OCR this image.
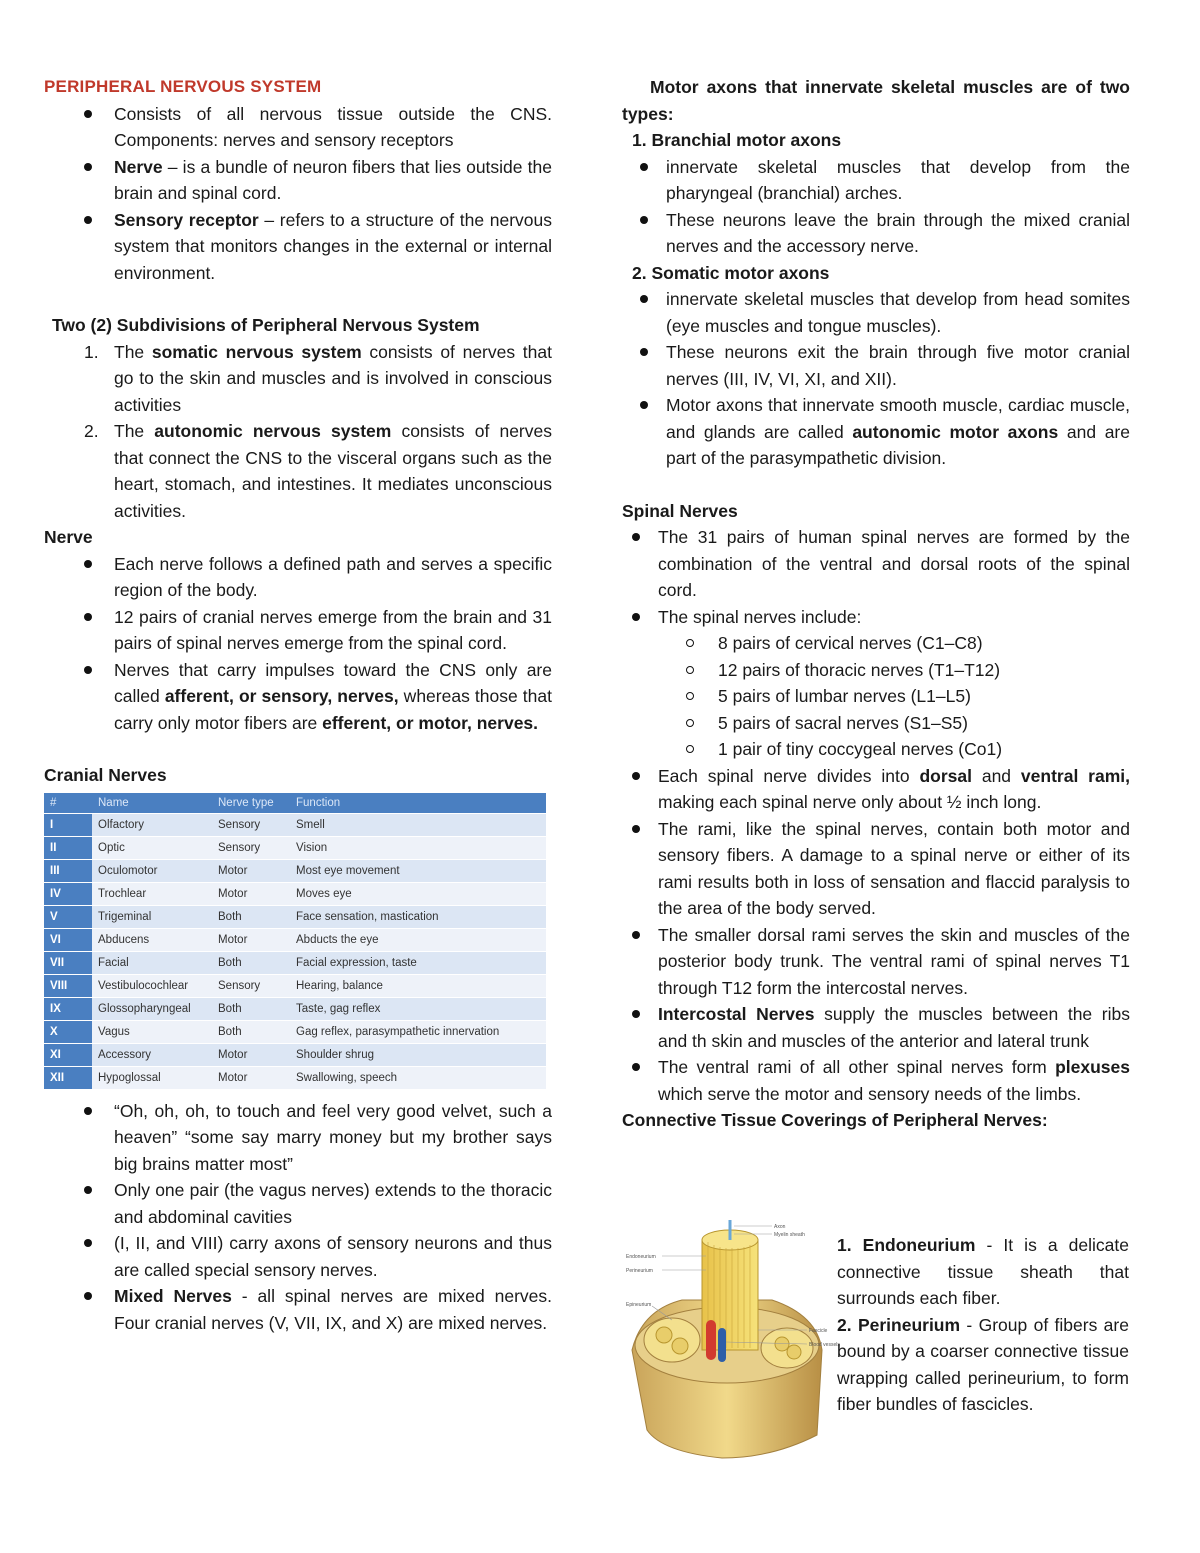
PERIPHERAL NERVOUS SYSTEM

Consists of all nervous tissue outside the CNS. Components: nerves and sensory receptors
Nerve – is a bundle of neuron fibers that lies outside the brain and spinal cord.
Sensory receptor – refers to a structure of the nervous system that monitors changes in the external or internal environment.
Two (2) Subdivisions of Peripheral Nervous System
1. The somatic nervous system consists of nerves that go to the skin and muscles and is involved in conscious activities
2. The autonomic nervous system consists of nerves that connect the CNS to the visceral organs such as the heart, stomach, and intestines. It mediates unconscious activities.
Nerve
Each nerve follows a defined path and serves a specific region of the body.
12 pairs of cranial nerves emerge from the brain and 31 pairs of spinal nerves emerge from the spinal cord.
Nerves that carry impulses toward the CNS only are called afferent, or sensory, nerves, whereas those that carry only motor fibers are efferent, or motor, nerves.
Cranial Nerves
#	Name	Nerve type	Function
I	Olfactory	Sensory	Smell
II	Optic	Sensory	Vision
III	Oculomotor	Motor	Most eye movement
IV	Trochlear	Motor	Moves eye
V	Trigeminal	Both	Face sensation, mastication
VI	Abducens	Motor	Abducts the eye
VII	Facial	Both	Facial expression, taste
VIII	Vestibulocochlear	Sensory	Hearing, balance
IX	Glossopharyngeal	Both	Taste, gag reflex
X	Vagus	Both	Gag reflex, parasympathetic innervation
XI	Accessory	Motor	Shoulder shrug
XII	Hypoglossal	Motor	Swallowing, speech
“Oh, oh, oh, to touch and feel very good velvet, such a heaven” “some say marry money but my brother says big brains matter most”
Only one pair (the vagus nerves) extends to the thoracic and abdominal cavities
(I, II, and VIII) carry axons of sensory neurons and thus are called special sensory nerves.
Mixed Nerves - all spinal nerves are mixed nerves. Four cranial nerves (V, VII, IX, and X) are mixed nerves.
Motor axons that innervate skeletal muscles are of two types:
1. Branchial motor axons
innervate skeletal muscles that develop from the pharyngeal (branchial) arches.
These neurons leave the brain through the mixed cranial nerves and the accessory nerve.
2. Somatic motor axons
innervate skeletal muscles that develop from head somites (eye muscles and tongue muscles).
These neurons exit the brain through five motor cranial nerves (III, IV, VI, XI, and XII).
Motor axons that innervate smooth muscle, cardiac muscle, and glands are called autonomic motor axons and are part of the parasympathetic division.
Spinal Nerves
The 31 pairs of human spinal nerves are formed by the combination of the ventral and dorsal roots of the spinal cord.
The spinal nerves include:
8 pairs of cervical nerves (C1–C8)
12 pairs of thoracic nerves (T1–T12)
5 pairs of lumbar nerves (L1–L5)
5 pairs of sacral nerves (S1–S5)
1 pair of tiny coccygeal nerves (Co1)
Each spinal nerve divides into dorsal and ventral rami, making each spinal nerve only about ½ inch long.
The rami, like the spinal nerves, contain both motor and sensory fibers. A damage to a spinal nerve or either of its rami results both in loss of sensation and flaccid paralysis to the area of the body served.
The smaller dorsal rami serves the skin and muscles of the posterior body trunk. The ventral rami of spinal nerves T1 through T12 form the intercostal nerves.
Intercostal Nerves supply the muscles between the ribs and th skin and muscles of the anterior and lateral trunk
The ventral rami of all other spinal nerves form plexuses which serve the motor and sensory needs of the limbs.
Connective Tissue Coverings of Peripheral Nerves:
Axon
Myelin sheath
Endoneurium
Perineurium
Epineurium
Fascicle
Blood vessels

1. Endoneurium - It is a delicate connective tissue sheath that surrounds each fiber.

2. Perineurium - Group of fibers are bound by a coarser connective tissue wrapping called perineurium, to form fiber bundles of fascicles.
